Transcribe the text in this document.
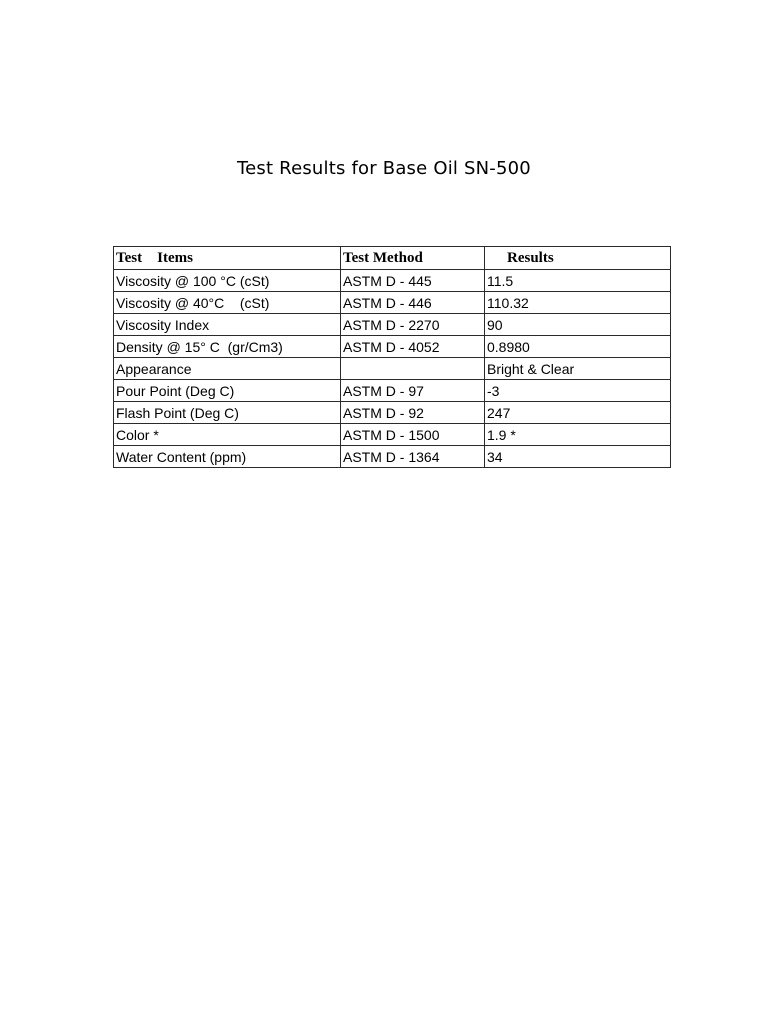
Test Results for Base Oil SN-500
Test    Items	Test Method	Results
Viscosity @ 100 °C (cSt)	ASTM D - 445	11.5
Viscosity @ 40°C    (cSt)	ASTM D - 446	110.32
Viscosity Index	ASTM D - 2270	90
Density @ 15° C  (gr/Cm3)	ASTM D - 4052	0.8980
Appearance		Bright & Clear
Pour Point (Deg C)	ASTM D - 97	-3
Flash Point (Deg C)	ASTM D - 92	247
Color *	ASTM D - 1500	1.9 *
Water Content (ppm)	ASTM D - 1364	34
